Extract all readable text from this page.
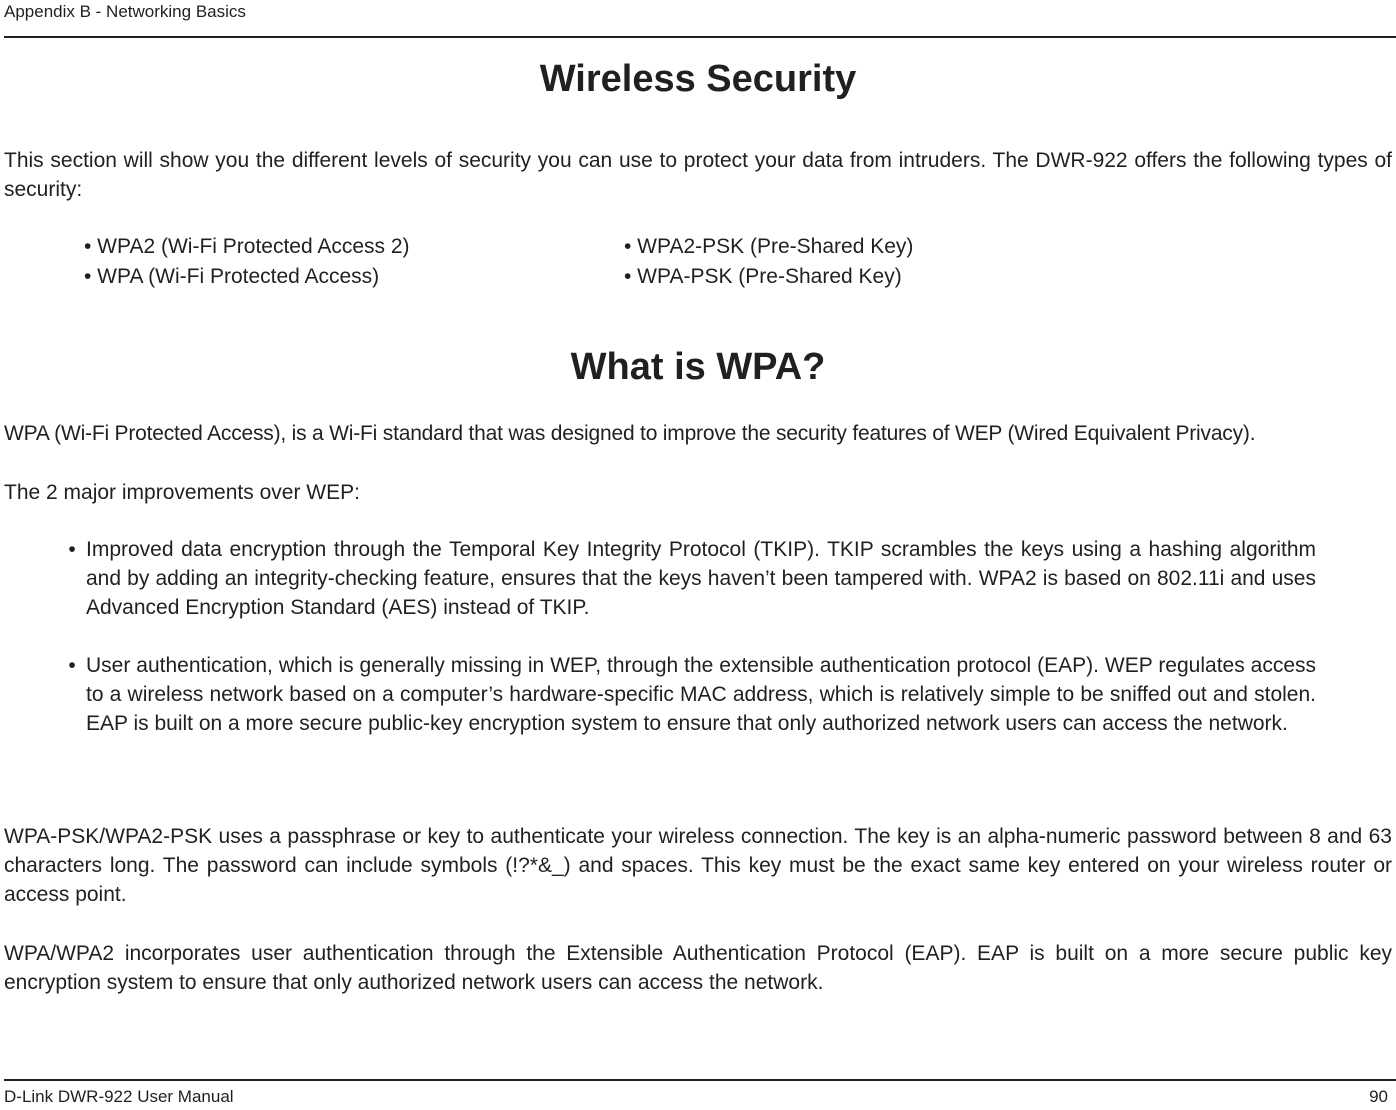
Appendix B - Networking Basics
Wireless Security

This section will show you the different levels of security you can use to protect your data from intruders. The DWR-922 offers the following types of security:

• WPA2 (Wi-Fi Protected Access 2)
• WPA (Wi-Fi Protected Access)
• WPA2-PSK (Pre-Shared Key)
• WPA-PSK (Pre-Shared Key)
What is WPA?

WPA (Wi-Fi Protected Access), is a Wi-Fi standard that was designed to improve the security features of WEP (Wired Equivalent Privacy).

The 2 major improvements over WEP:

• Improved data encryption through the Temporal Key Integrity Protocol (TKIP). TKIP scrambles the keys using a hashing algorithm and by adding an integrity-checking feature, ensures that the keys haven’t been tampered with. WPA2 is based on 802.11i and uses Advanced Encryption Standard (AES) instead of TKIP.
• User authentication, which is generally missing in WEP, through the extensible authentication protocol (EAP). WEP regulates access to a wireless network based on a computer’s hardware-specific MAC address, which is relatively simple to be sniffed out and stolen. EAP is built on a more secure public-key encryption system to ensure that only authorized network users can access the network.

WPA-PSK/WPA2-PSK uses a passphrase or key to authenticate your wireless connection. The key is an alpha-numeric password between 8 and 63 characters long. The password can include symbols (!?*&_) and spaces. This key must be the exact same key entered on your wireless router or access point.

WPA/WPA2 incorporates user authentication through the Extensible Authentication Protocol (EAP). EAP is built on a more secure public key encryption system to ensure that only authorized network users can access the network.

D-Link DWR-922 User Manual	90
